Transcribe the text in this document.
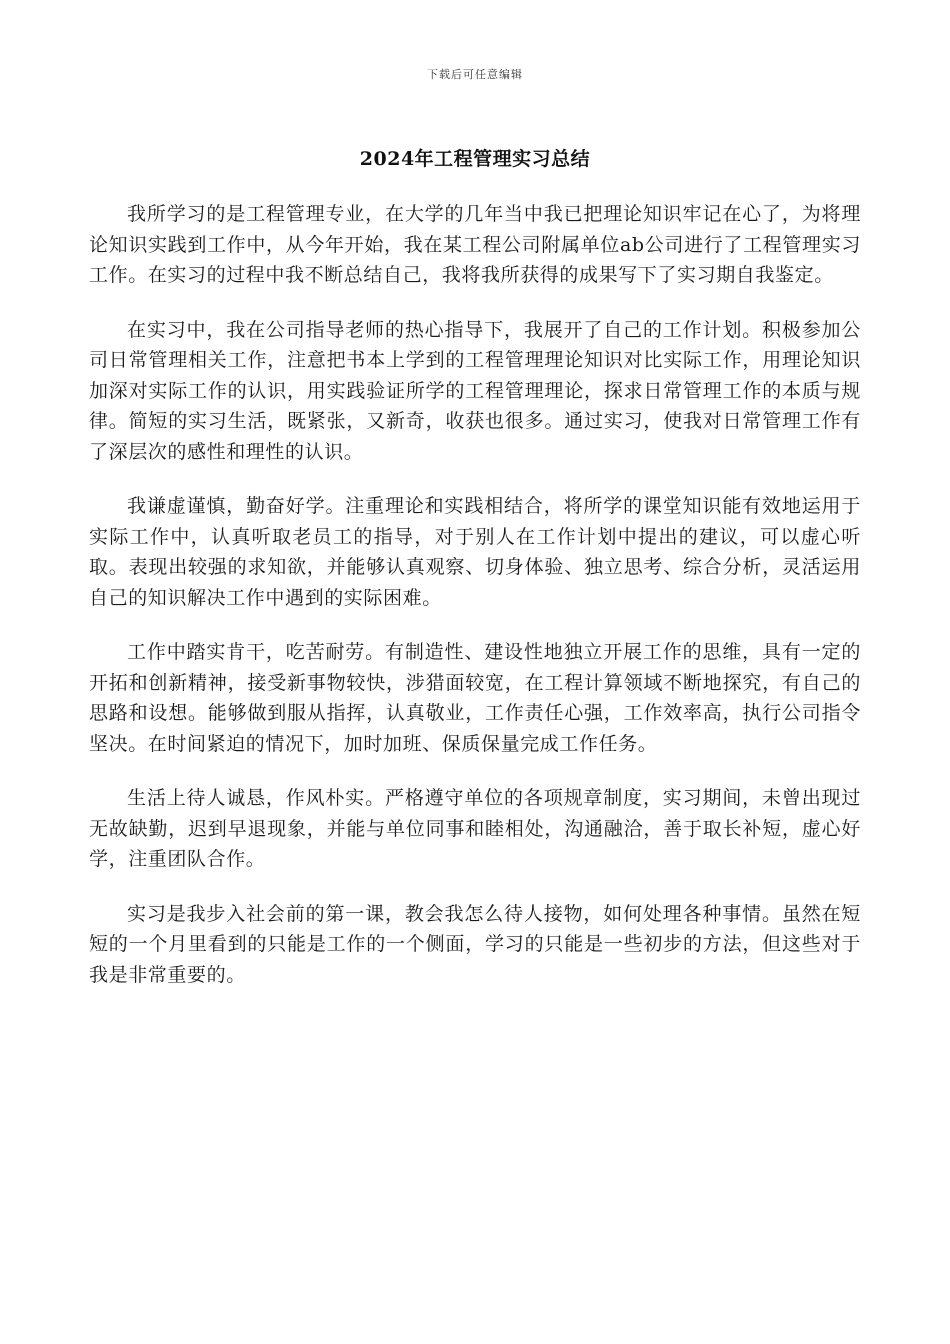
下载后可任意编辑
2024年工程管理实习总结

我所学习的是工程管理专业，在大学的几年当中我已把理论知识牢记在心了，为将理论知识实践到工作中，从今年开始，我在某工程公司附属单位ab公司进行了工程管理实习工作。在实习的过程中我不断总结自己，我将我所获得的成果写下了实习期自我鉴定。

在实习中，我在公司指导老师的热心指导下，我展开了自己的工作计划。积极参加公司日常管理相关工作，注意把书本上学到的工程管理理论知识对比实际工作，用理论知识加深对实际工作的认识，用实践验证所学的工程管理理论，探求日常管理工作的本质与规律。简短的实习生活，既紧张，又新奇，收获也很多。通过实习，使我对日常管理工作有了深层次的感性和理性的认识。

我谦虚谨慎，勤奋好学。注重理论和实践相结合，将所学的课堂知识能有效地运用于实际工作中，认真听取老员工的指导，对于别人在工作计划中提出的建议，可以虚心听取。表现出较强的求知欲，并能够认真观察、切身体验、独立思考、综合分析，灵活运用自己的知识解决工作中遇到的实际困难。

工作中踏实肯干，吃苦耐劳。有制造性、建设性地独立开展工作的思维，具有一定的开拓和创新精神，接受新事物较快，涉猎面较宽，在工程计算领域不断地探究，有自己的思路和设想。能够做到服从指挥，认真敬业，工作责任心强，工作效率高，执行公司指令坚决。在时间紧迫的情况下，加时加班、保质保量完成工作任务。

生活上待人诚恳，作风朴实。严格遵守单位的各项规章制度，实习期间，未曾出现过无故缺勤，迟到早退现象，并能与单位同事和睦相处，沟通融洽，善于取长补短，虚心好学，注重团队合作。

实习是我步入社会前的第一课，教会我怎么待人接物，如何处理各种事情。虽然在短短的一个月里看到的只能是工作的一个侧面，学习的只能是一些初步的方法，但这些对于我是非常重要的。
